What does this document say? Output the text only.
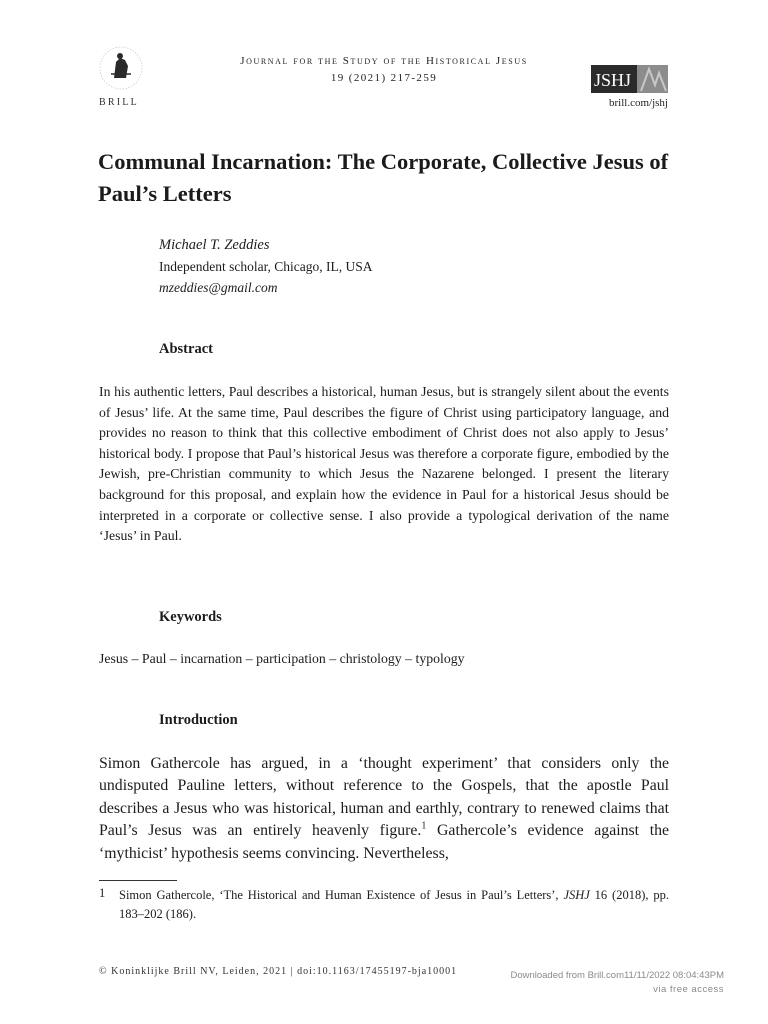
BRILL
Journal for the Study of the Historical Jesus
19 (2021) 217-259	JSHJ
brill.com/jshj
Communal Incarnation: The Corporate, Collective Jesus of Paul’s Letters
Michael T. Zeddies
Independent scholar, Chicago, IL, USA
mzeddies@gmail.com
Abstract

In his authentic letters, Paul describes a historical, human Jesus, but is strangely silent about the events of Jesus’ life. At the same time, Paul describes the figure of Christ using participatory language, and provides no reason to think that this collective embodiment of Christ does not also apply to Jesus’ historical body. I propose that Paul’s historical Jesus was therefore a corporate figure, embodied by the Jewish, pre-Christian community to which Jesus the Nazarene belonged. I present the literary background for this proposal, and explain how the evidence in Paul for a historical Jesus should be interpreted in a corporate or collective sense. I also provide a typological derivation of the name ‘Jesus’ in Paul.

Keywords
Jesus – Paul – incarnation – participation – christology – typology
Introduction

Simon Gathercole has argued, in a ‘thought experiment’ that considers only the undisputed Pauline letters, without reference to the Gospels, that the apostle Paul describes a Jesus who was historical, human and earthly, contrary to renewed claims that Paul’s Jesus was an entirely heavenly figure.$^1$ Gathercole’s evidence against the ‘mythicist’ hypothesis seems convincing. Nevertheless,

1 Simon Gathercole, ‘The Historical and Human Existence of Jesus in Paul’s Letters’, JSHJ 16 (2018), pp. 183–202 (186).

© Koninklijke Brill NV, Leiden, 2021 | doi:10.1163/17455197-bja10001	Downloaded from Brill.com11/11/2022 08:04:43PM
via free access
